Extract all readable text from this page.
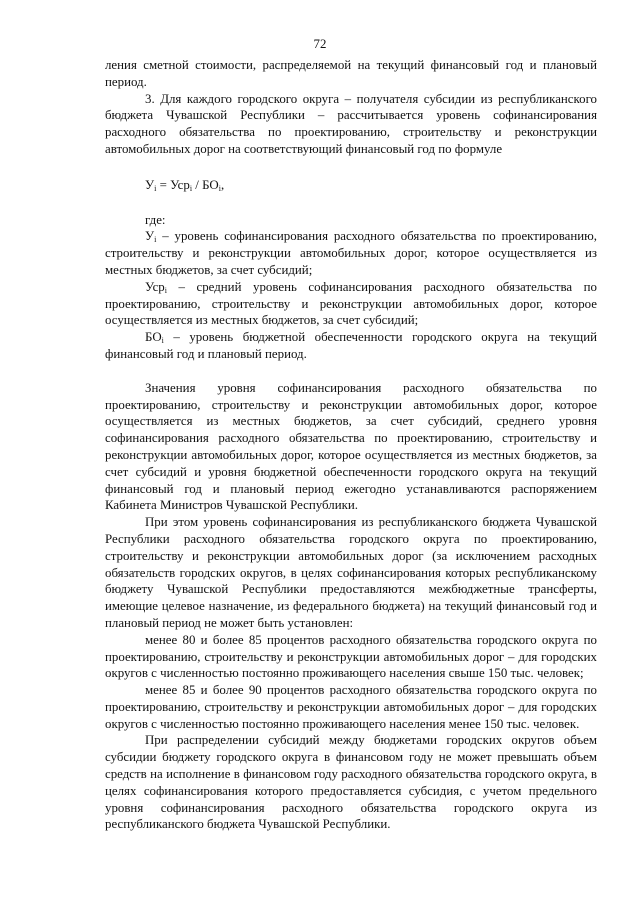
72

ления сметной стоимости, распределяемой на текущий финансовый год и плановый период.

3. Для каждого городского округа – получателя субсидии из республиканского бюджета Чувашской Республики – рассчитывается уровень софинансирования расходного обязательства по проектированию, строительству и реконструкции автомобильных дорог на соответствующий финансовый год по формуле

$У_i = Уср_i / БО_i$,

где:

$У_i$ – уровень софинансирования расходного обязательства по проектированию, строительству и реконструкции автомобильных дорог, которое осуществляется из местных бюджетов, за счет субсидий;

Уср$_i$ – средний уровень софинансирования расходного обязательства по проектированию, строительству и реконструкции автомобильных дорог, которое осуществляется из местных бюджетов, за счет субсидий;

$БО_i$ – уровень бюджетной обеспеченности городского округа на текущий финансовый год и плановый период.

Значения уровня софинансирования расходного обязательства по проектированию, строительству и реконструкции автомобильных дорог, которое осуществляется из местных бюджетов, за счет субсидий, среднего уровня софинансирования расходного обязательства по проектированию, строительству и реконструкции автомобильных дорог, которое осуществляется из местных бюджетов, за счет субсидий и уровня бюджетной обеспеченности городского округа на текущий финансовый год и плановый период ежегодно устанавливаются распоряжением Кабинета Министров Чувашской Республики.

При этом уровень софинансирования из республиканского бюджета Чувашской Республики расходного обязательства городского округа по проектированию, строительству и реконструкции автомобильных дорог (за исключением расходных обязательств городских округов, в целях софинансирования которых республиканскому бюджету Чувашской Республики предоставляются межбюджетные трансферты, имеющие целевое назначение, из федерального бюджета) на текущий финансовый год и плановый период не может быть установлен:

менее 80 и более 85 процентов расходного обязательства городского округа по проектированию, строительству и реконструкции автомобильных дорог – для городских округов с численностью постоянно проживающего населения свыше 150 тыс. человек;

менее 85 и более 90 процентов расходного обязательства городского округа по проектированию, строительству и реконструкции автомобильных дорог – для городских округов с численностью постоянно проживающего населения менее 150 тыс. человек.

При распределении субсидий между бюджетами городских округов объем субсидии бюджету городского округа в финансовом году не может превышать объем средств на исполнение в финансовом году расходного обязательства городского округа, в целях софинансирования которого предоставляется субсидия, с учетом предельного уровня софинансирования расходного обязательства городского округа из республиканского бюджета Чувашской Республики.
